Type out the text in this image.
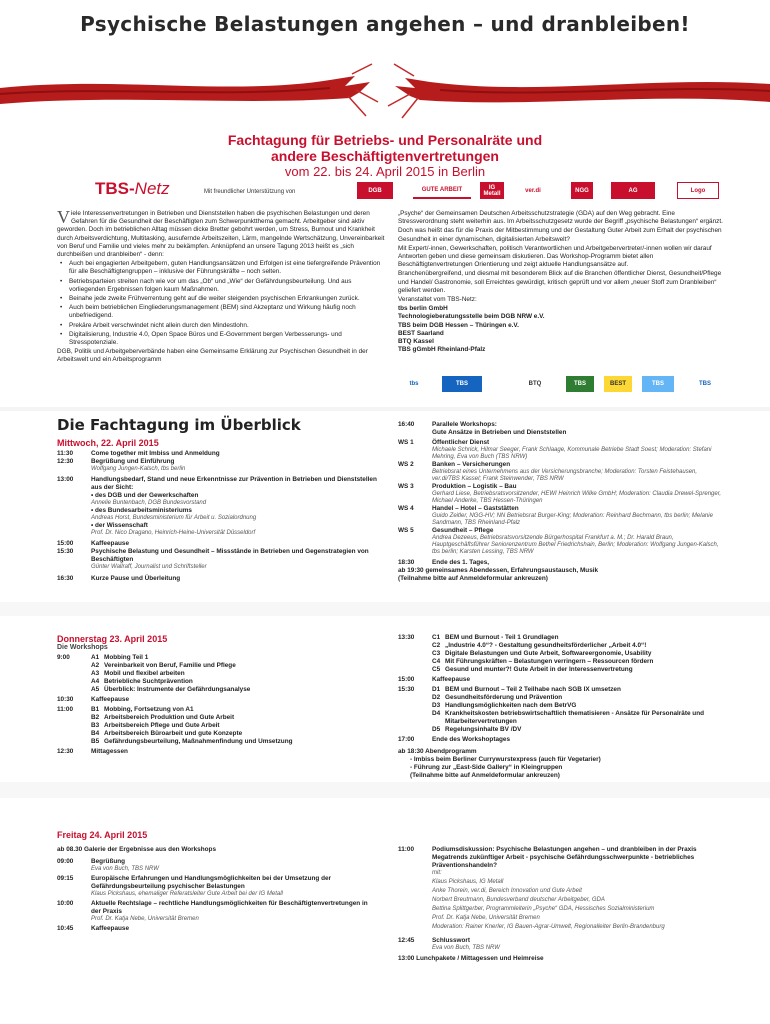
Psychische Belastungen angehen – und dranbleiben!
Fachtagung für Betriebs- und Personalräte und
andere Beschäftigtenvertretungen
vom 22. bis 24. April 2015 in Berlin
TBS-Netz	Mit freundlicher Unterstützung von	DGB	GUTE ARBEIT	IG Metall	ver.di	NGG	AG	Logo

Viele Interessenvertretungen in Betrieben und Dienststellen haben die psychischen Belastungen und deren Gefahren für die Gesundheit der Beschäftigten zum Schwerpunktthema gemacht. Arbeitgeber sind aktiv geworden. Doch im betrieblichen Alltag müssen dicke Bretter gebohrt werden, um Stress, Burnout und Krankheit durch Arbeitsverdichtung, Multitasking, ausufernde Arbeitszeiten, Lärm, mangelnde Wertschätzung, Unvereinbarkeit von Beruf und Familie und vieles mehr zu bekämpfen. Anknüpfend an unsere Tagung 2013 heißt es „sich durchbeißen und dranbleiben“ - denn:

• Auch bei engagierten Arbeitgebern, guten Handlungsansätzen und Erfolgen ist eine tiefergreifende Prävention für alle Beschäftigtengruppen – inklusive der Führungskräfte – noch selten.
• Betriebsparteien streiten nach wie vor um das „Ob“ und „Wie“ der Gefährdungsbeurteilung. Und aus vorliegenden Ergebnissen folgen kaum Maßnahmen.
• Beinahe jede zweite Frühverrentung geht auf die weiter steigenden psychischen Erkrankungen zurück.
• Auch beim betrieblichen Eingliederungsmanagement (BEM) sind Akzeptanz und Wirkung häufig noch unbefriedigend.
• Prekäre Arbeit verschwindet nicht allein durch den Mindestlohn.
• Digitalisierung, Industrie 4.0, Open Space Büros und E-Government bergen Verbesserungs- und Stresspotenziale.

DGB, Politik und Arbeitgeberverbände haben eine Gemeinsame Erklärung zur Psychischen Gesundheit in der Arbeitswelt und ein Arbeitsprogramm

„Psyche“ der Gemeinsamen Deutschen Arbeitsschutzstrategie (GDA) auf den Weg gebracht. Eine Stressverordnung steht weiterhin aus. Im Arbeitsschutzgesetz wurde der Begriff „psychische Belastungen“ ergänzt.

Doch was heißt das für die Praxis der Mitbestimmung und der Gestaltung Guter Arbeit zum Erhalt der psychischen Gesundheit in einer dynamischen, digitalisierten Arbeitswelt?

Mit Expert/-innen, Gewerkschaften, politisch Verantwortlichen und Arbeitgebervertreter/-innen wollen wir darauf Antworten geben und diese gemeinsam diskutieren. Das Workshop-Programm bietet allen Beschäftigtenvertretungen Orientierung und zeigt aktuelle Handlungsansätze auf.

Branchenübergreifend, und diesmal mit besonderem Blick auf die Branchen öffentlicher Dienst, Gesundheit/Pflege und Handel/ Gastronomie, soll Erreichtes gewürdigt, kritisch geprüft und vor allem „neuer Stoff zum Dranbleiben“ geliefert werden.

Veranstaltet vom TBS-Netz:

tbs berlin GmbH
Technologieberatungsstelle beim DGB NRW e.V.
TBS beim DGB Hessen – Thüringen e.V.
BEST Saarland
BTQ Kassel
TBS gGmbH Rheinland-Pfalz
tbs	TBS	BTQ	TBS	BEST	TBS	TBS
Die Fachtagung im Überblick
Mittwoch, 22. April 2015
11:30	Come together mit Imbiss und Anmeldung
12:30	Begrüßung und Einführung
Wolfgang Jungen-Kalsch, tbs berlin
13:00	Handlungsbedarf, Stand und neue Erkenntnisse zur Prävention in Betrieben und Dienststellen aus der Sicht:
• des DGB und der Gewerkschaften
Annelie Buntenbach, DGB Bundesvorstand
• des Bundesarbeitsministeriums
Andreas Horst, Bundesministerium für Arbeit u. Sozialordnung
• der Wissenschaft
Prof. Dr. Nico Dragano, Heinrich-Heine-Universität Düsseldorf
15:00	Kaffeepause
15:30	Psychische Belastung und Gesundheit – Missstände in Betrieben und Gegenstrategien von Beschäftigten
Günter Wallraff, Journalist und Schriftsteller
16:30	Kurze Pause und Überleitung
16:40	Parallele Workshops:
Gute Ansätze in Betrieben und Dienststellen
WS 1	Öffentlicher Dienst
Michaele Schrick, Hilmar Seeger, Frank Schlaage, Kommunale Betriebe Stadt Soest; Moderation: Stefani Mehring, Eva von Buch (TBS NRW)
WS 2	Banken – Versicherungen
Betriebsrat eines Unternehmens aus der Versicherungsbranche; Moderation: Torsten Feistehausen, ver.di/TBS Kassel; Frank Steinwender, TBS NRW
WS 3	Produktion – Logistik – Bau
Gerhard Liese, Betriebsratsvorsitzender, HEWI Heinrich Wilke GmbH; Moderation: Claudia Drewel-Sprenger, Michael Anderke, TBS Hessen-Thüringen
WS 4	Handel – Hotel – Gaststätten
Guido Zeitler, NGG-HV; NN Betriebsrat Burger-King; Moderation: Reinhard Bechmann, tbs berlin; Melanie Sandmann, TBS Rheinland-Pfalz
WS 5	Gesundheit – Pflege
Andrea Dezeeus, Betriebsratsvorsitzende Bürgerhospital Frankfurt a. M.; Dr. Harald Braun, Hauptgeschäftsführer Seniorenzentrum Bethel Friedrichshain, Berlin; Moderation: Wolfgang Jungen-Kalsch, tbs berlin; Karsten Lessing, TBS NRW
18:30	Ende des 1. Tages,
ab 19:30 gemeinsames Abendessen, Erfahrungsaustausch, Musik
(Teilnahme bitte auf Anmeldeformular ankreuzen)
Donnerstag 23. April 2015
Die Workshops
9:00	A1 Mobbing Teil 1
A2 Vereinbarkeit von Beruf, Familie und Pflege
A3 Mobil und flexibel arbeiten
A4 Betriebliche Suchtprävention
A5 Überblick: Instrumente der Gefährdungsanalyse
10:30	Kaffeepause
11:00	B1 Mobbing, Fortsetzung von A1
B2 Arbeitsbereich Produktion und Gute Arbeit
B3 Arbeitsbereich Pflege und Gute Arbeit
B4 Arbeitsbereich Büroarbeit und gute Konzepte
B5 Gefährdungsbeurteilung, Maßnahmenfindung und Umsetzung
12:30	Mittagessen
13:30	C1 BEM und Burnout - Teil 1 Grundlagen
C2 „Industrie 4.0“? - Gestaltung gesundheitsförderlicher „Arbeit 4.0“!
C3 Digitale Belastungen und Gute Arbeit, Softwareergonomie, Usability
C4 Mit Führungskräften – Belastungen verringern – Ressourcen fördern
C5 Gesund und munter?! Gute Arbeit in der Interessenvertretung
15:00	Kaffeepause
15:30	D1 BEM und Burnout – Teil 2 Teilhabe nach SGB IX umsetzen
D2 Gesundheitsförderung und Prävention
D3 Handlungsmöglichkeiten nach dem BetrVG
D4 Krankheitskosten betriebswirtschaftlich thematisieren - Ansätze für Personalräte und Mitarbeitervertretungen
D5 Regelungsinhalte BV /DV
17:00	Ende des Workshoptages
ab 18:30 Abendprogramm
- Imbiss beim Berliner Currywurstexpress (auch für Vegetarier)
- Führung zur „East-Side Gallery“ in Kleingruppen
(Teilnahme bitte auf Anmeldeformular ankreuzen)
Freitag 24. April 2015
ab 08.30 Galerie der Ergebnisse aus den Workshops
09:00	Begrüßung
Eva von Buch, TBS NRW
09:15	Europäische Erfahrungen und Handlungsmöglichkeiten bei der Umsetzung der Gefährdungsbeurteilung psychischer Belastungen
Klaus Pickshaus, ehemaliger Referatsleiter Gute Arbeit bei der IG Metall
10:00	Aktuelle Rechtslage – rechtliche Handlungsmöglichkeiten für Beschäftigtenvertretungen in der Praxis
Prof. Dr. Katja Nebe, Universität Bremen
10:45	Kaffeepause
11:00	Podiumsdiskussion: Psychische Belastungen angehen – und dranbleiben in der Praxis
Megatrends zukünftiger Arbeit - psychische Gefährdungsschwerpunkte - betriebliches Präventionshandeln?
mit:
Klaus Pickshaus, IG Metall
Anke Thorein, ver.di, Bereich Innovation und Gute Arbeit
Norbert Breutmann, Bundesverband deutscher Arbeitgeber, GDA
Bettina Splittgerber, Programmleiterin „Psyche“ GDA, Hessisches Sozialministerium
Prof. Dr. Katja Nebe, Universität Bremen
Moderation: Rainer Knerler, IG Bauen-Agrar-Umwelt, Regionalleiter Berlin-Brandenburg
12:45	Schlusswort
Eva von Buch, TBS NRW
13:00 Lunchpakete / Mittagessen und Heimreise
